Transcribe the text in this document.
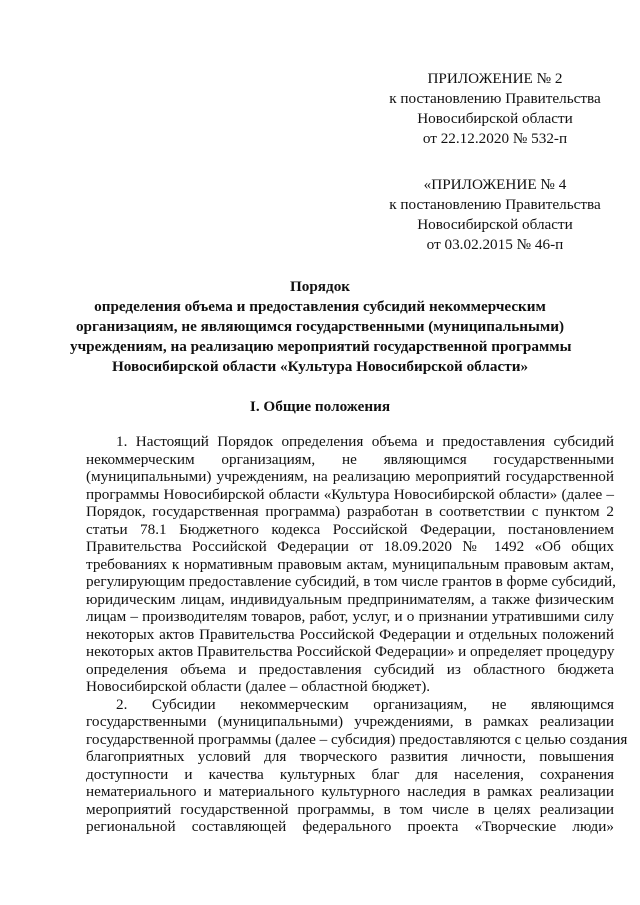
ПРИЛОЖЕНИЕ № 2
к постановлению Правительства
Новосибирской области
от 22.12.2020 № 532-п
«ПРИЛОЖЕНИЕ № 4
к постановлению Правительства
Новосибирской области
от 03.02.2015 № 46-п
Порядок
определения объема и предоставления субсидий некоммерческим
организациям, не являющимся государственными (муниципальными)
учреждениям, на реализацию мероприятий государственной программы
Новосибирской области «Культура Новосибирской области»
I. Общие положения
1. Настоящий Порядок определения объема и предоставления субсидий
некоммерческим организациям, не являющимся государственными
(муниципальными) учреждениям, на реализацию мероприятий государственной
программы Новосибирской области «Культура Новосибирской области» (далее –
Порядок, государственная программа) разработан в соответствии с пунктом 2
статьи 78.1 Бюджетного кодекса Российской Федерации, постановлением
Правительства Российской Федерации от 18.09.2020 № 1492 «Об общих
требованиях к нормативным правовым актам, муниципальным правовым актам,
регулирующим предоставление субсидий, в том числе грантов в форме субсидий,
юридическим лицам, индивидуальным предпринимателям, а также физическим
лицам – производителям товаров, работ, услуг, и о признании утратившими силу
некоторых актов Правительства Российской Федерации и отдельных положений
некоторых актов Правительства Российской Федерации» и определяет процедуру
определения объема и предоставления субсидий из областного бюджета
Новосибирской области (далее – областной бюджет).
2. Субсидии некоммерческим организациям, не являющимся
государственными (муниципальными) учреждениями, в рамках реализации
государственной программы (далее – субсидия) предоставляются с целью создания
благоприятных условий для творческого развития личности, повышения
доступности и качества культурных благ для населения, сохранения
нематериального и материального культурного наследия в рамках реализации
мероприятий государственной программы, в том числе в целях реализации
региональной составляющей федерального проекта «Творческие люди»
